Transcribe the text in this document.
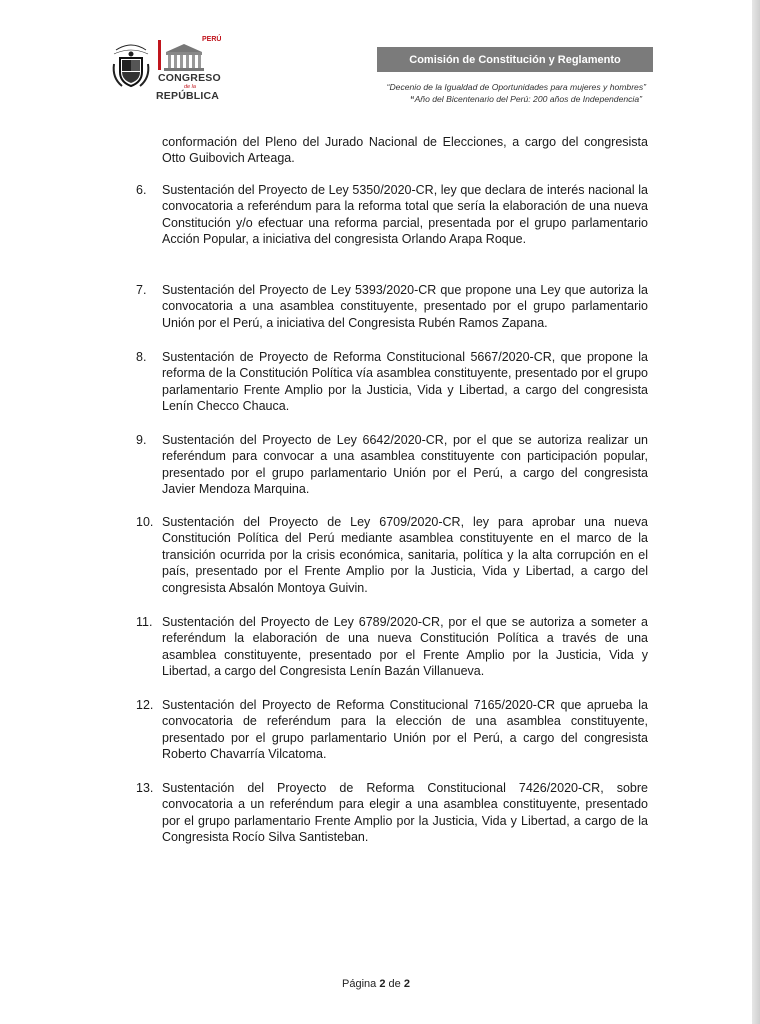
PERÚ
CONGRESO
de la
REPÚBLICA
Comisión de Constitución y Reglamento
“Decenio de la Igualdad de Oportunidades para mujeres y hombres”
“Año del Bicentenario del Perú: 200 años de Independencia”
conformación del Pleno del Jurado Nacional de Elecciones, a cargo del congresista Otto Guibovich Arteaga.
6. Sustentación del Proyecto de Ley 5350/2020-CR, ley que declara de interés nacional la convocatoria a referéndum para la reforma total que sería la elaboración de una nueva Constitución y/o efectuar una reforma parcial, presentada por el grupo parlamentario Acción Popular, a iniciativa del congresista Orlando Arapa Roque.
7. Sustentación del Proyecto de Ley 5393/2020-CR que propone una Ley que autoriza la convocatoria a una asamblea constituyente, presentado por el grupo parlamentario Unión por el Perú, a iniciativa del Congresista Rubén Ramos Zapana.
8. Sustentación de Proyecto de Reforma Constitucional 5667/2020-CR, que propone la reforma de la Constitución Política vía asamblea constituyente, presentado por el grupo parlamentario Frente Amplio por la Justicia, Vida y Libertad, a cargo del congresista Lenín Checco Chauca.
9. Sustentación del Proyecto de Ley 6642/2020-CR, por el que se autoriza realizar un referéndum para convocar a una asamblea constituyente con participación popular, presentado por el grupo parlamentario Unión por el Perú, a cargo del congresista Javier Mendoza Marquina.
10. Sustentación del Proyecto de Ley 6709/2020-CR, ley para aprobar una nueva Constitución Política del Perú mediante asamblea constituyente en el marco de la transición ocurrida por la crisis económica, sanitaria, política y la alta corrupción en el país, presentado por el Frente Amplio por la Justicia, Vida y Libertad, a cargo del congresista Absalón Montoya Guivin.
11. Sustentación del Proyecto de Ley 6789/2020-CR, por el que se autoriza a someter a referéndum la elaboración de una nueva Constitución Política a través de una asamblea constituyente, presentado por el Frente Amplio por la Justicia, Vida y Libertad, a cargo del Congresista Lenín Bazán Villanueva.
12. Sustentación del Proyecto de Reforma Constitucional 7165/2020-CR que aprueba la convocatoria de referéndum para la elección de una asamblea constituyente, presentado por el grupo parlamentario Unión por el Perú, a cargo del congresista Roberto Chavarría Vilcatoma.
13. Sustentación del Proyecto de Reforma Constitucional 7426/2020-CR, sobre convocatoria a un referéndum para elegir a una asamblea constituyente, presentado por el grupo parlamentario Frente Amplio por la Justicia, Vida y Libertad, a cargo de la Congresista Rocío Silva Santisteban.
Página 2 de 2
